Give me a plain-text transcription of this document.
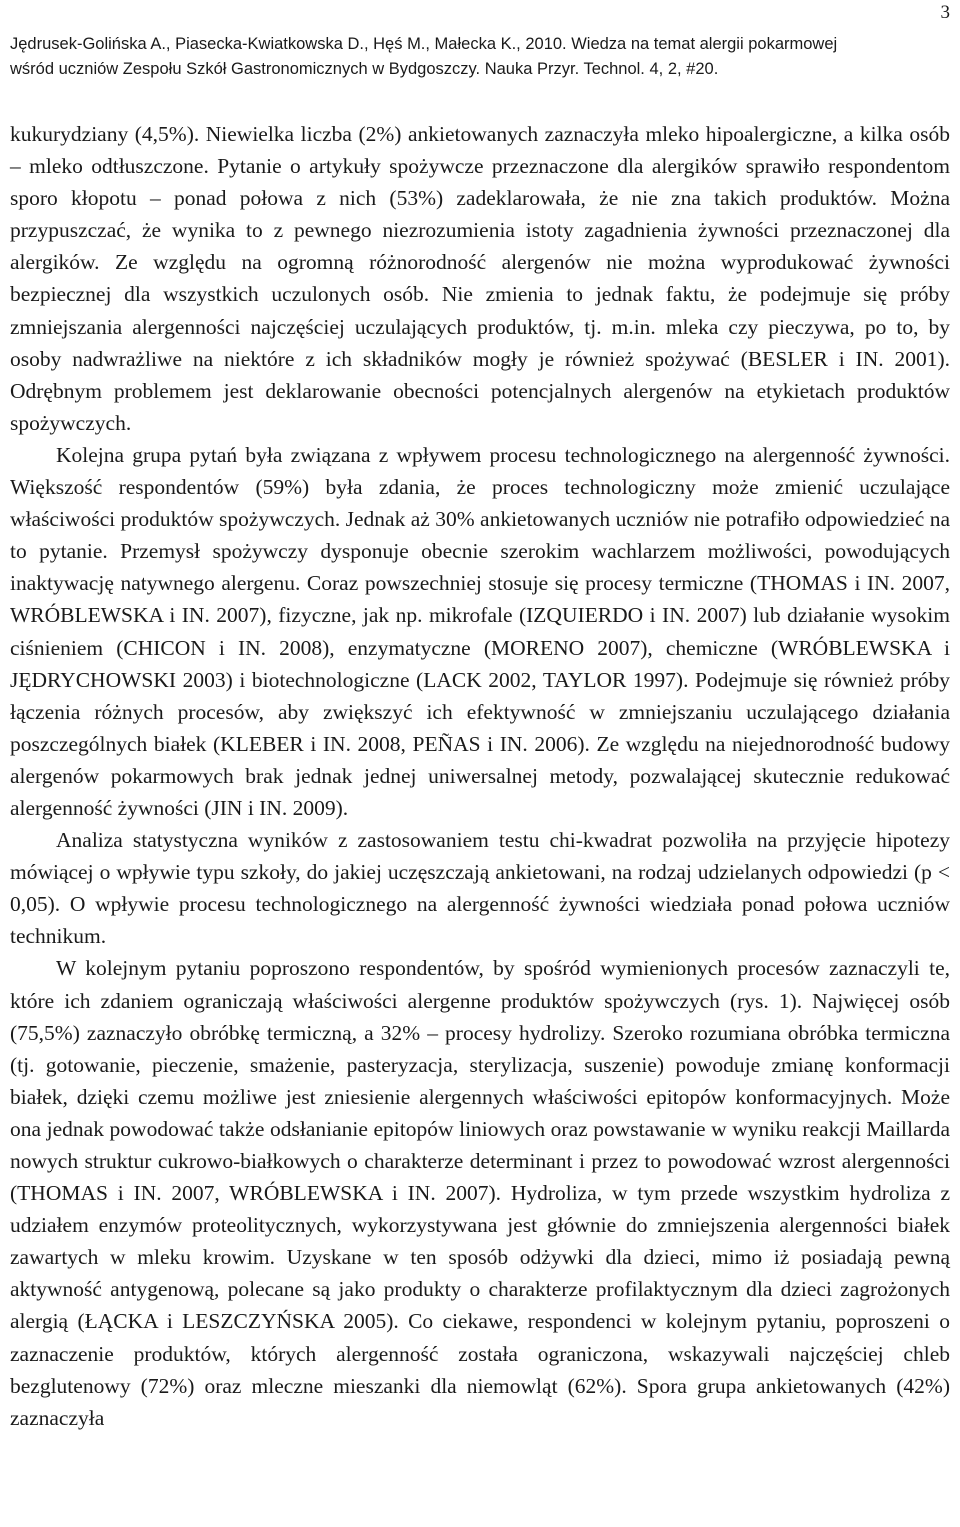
3
Jędrusek-Golińska A., Piasecka-Kwiatkowska D., Hęś M., Małecka K., 2010. Wiedza na temat alergii pokarmowej
wśród uczniów Zespołu Szkół Gastronomicznych w Bydgoszczy. Nauka Przyr. Technol. 4, 2, #20.

kukurydziany (4,5%). Niewielka liczba (2%) ankietowanych zaznaczyła mleko hipoalergiczne, a kilka osób – mleko odtłuszczone. Pytanie o artykuły spożywcze przeznaczone dla alergików sprawiło respondentom sporo kłopotu – ponad połowa z nich (53%) zadeklarowała, że nie zna takich produktów. Można przypuszczać, że wynika to z pewnego niezrozumienia istoty zagadnienia żywności przeznaczonej dla alergików. Ze względu na ogromną różnorodność alergenów nie można wyprodukować żywności bezpiecznej dla wszystkich uczulonych osób. Nie zmienia to jednak faktu, że podejmuje się próby zmniejszania alergenności najczęściej uczulających produktów, tj. m.in. mleka czy pieczywa, po to, by osoby nadwrażliwe na niektóre z ich składników mogły je również spożywać (BESLER i IN. 2001). Odrębnym problemem jest deklarowanie obecności potencjalnych alergenów na etykietach produktów spożywczych.

Kolejna grupa pytań była związana z wpływem procesu technologicznego na alergenność żywności. Większość respondentów (59%) była zdania, że proces technologiczny może zmienić uczulające właściwości produktów spożywczych. Jednak aż 30% ankietowanych uczniów nie potrafiło odpowiedzieć na to pytanie. Przemysł spożywczy dysponuje obecnie szerokim wachlarzem możliwości, powodujących inaktywację natywnego alergenu. Coraz powszechniej stosuje się procesy termiczne (THOMAS i IN. 2007, WRÓBLEWSKA i IN. 2007), fizyczne, jak np. mikrofale (IZQUIERDO i IN. 2007) lub działanie wysokim ciśnieniem (CHICON i IN. 2008), enzymatyczne (MORENO 2007), chemiczne (WRÓBLEWSKA i JĘDRYCHOWSKI 2003) i biotechnologiczne (LACK 2002, TAYLOR 1997). Podejmuje się również próby łączenia różnych procesów, aby zwiększyć ich efektywność w zmniejszaniu uczulającego działania poszczególnych białek (KLEBER i IN. 2008, PEÑAS i IN. 2006). Ze względu na niejednorodność budowy alergenów pokarmowych brak jednak jednej uniwersalnej metody, pozwalającej skutecznie redukować alergenność żywności (JIN i IN. 2009).

Analiza statystyczna wyników z zastosowaniem testu chi-kwadrat pozwoliła na przyjęcie hipotezy mówiącej o wpływie typu szkoły, do jakiej uczęszczają ankietowani, na rodzaj udzielanych odpowiedzi (p < 0,05). O wpływie procesu technologicznego na alergenność żywności wiedziała ponad połowa uczniów technikum.

W kolejnym pytaniu poproszono respondentów, by spośród wymienionych procesów zaznaczyli te, które ich zdaniem ograniczają właściwości alergenne produktów spożywczych (rys. 1). Najwięcej osób (75,5%) zaznaczyło obróbkę termiczną, a 32% – procesy hydrolizy. Szeroko rozumiana obróbka termiczna (tj. gotowanie, pieczenie, smażenie, pasteryzacja, sterylizacja, suszenie) powoduje zmianę konformacji białek, dzięki czemu możliwe jest zniesienie alergennych właściwości epitopów konformacyjnych. Może ona jednak powodować także odsłanianie epitopów liniowych oraz powstawanie w wyniku reakcji Maillarda nowych struktur cukrowo-białkowych o charakterze determinant i przez to powodować wzrost alergenności (THOMAS i IN. 2007, WRÓBLEWSKA i IN. 2007). Hydroliza, w tym przede wszystkim hydroliza z udziałem enzymów proteolitycznych, wykorzystywana jest głównie do zmniejszenia alergenności białek zawartych w mleku krowim. Uzyskane w ten sposób odżywki dla dzieci, mimo iż posiadają pewną aktywność antygenową, polecane są jako produkty o charakterze profilaktycznym dla dzieci zagrożonych alergią (ŁĄCKA i LESZCZYŃSKA 2005). Co ciekawe, respondenci w kolejnym pytaniu, poproszeni o zaznaczenie produktów, których alergenność została ograniczona, wskazywali najczęściej chleb bezglutenowy (72%) oraz mleczne mieszanki dla niemowląt (62%). Spora grupa ankietowanych (42%) zaznaczyła
